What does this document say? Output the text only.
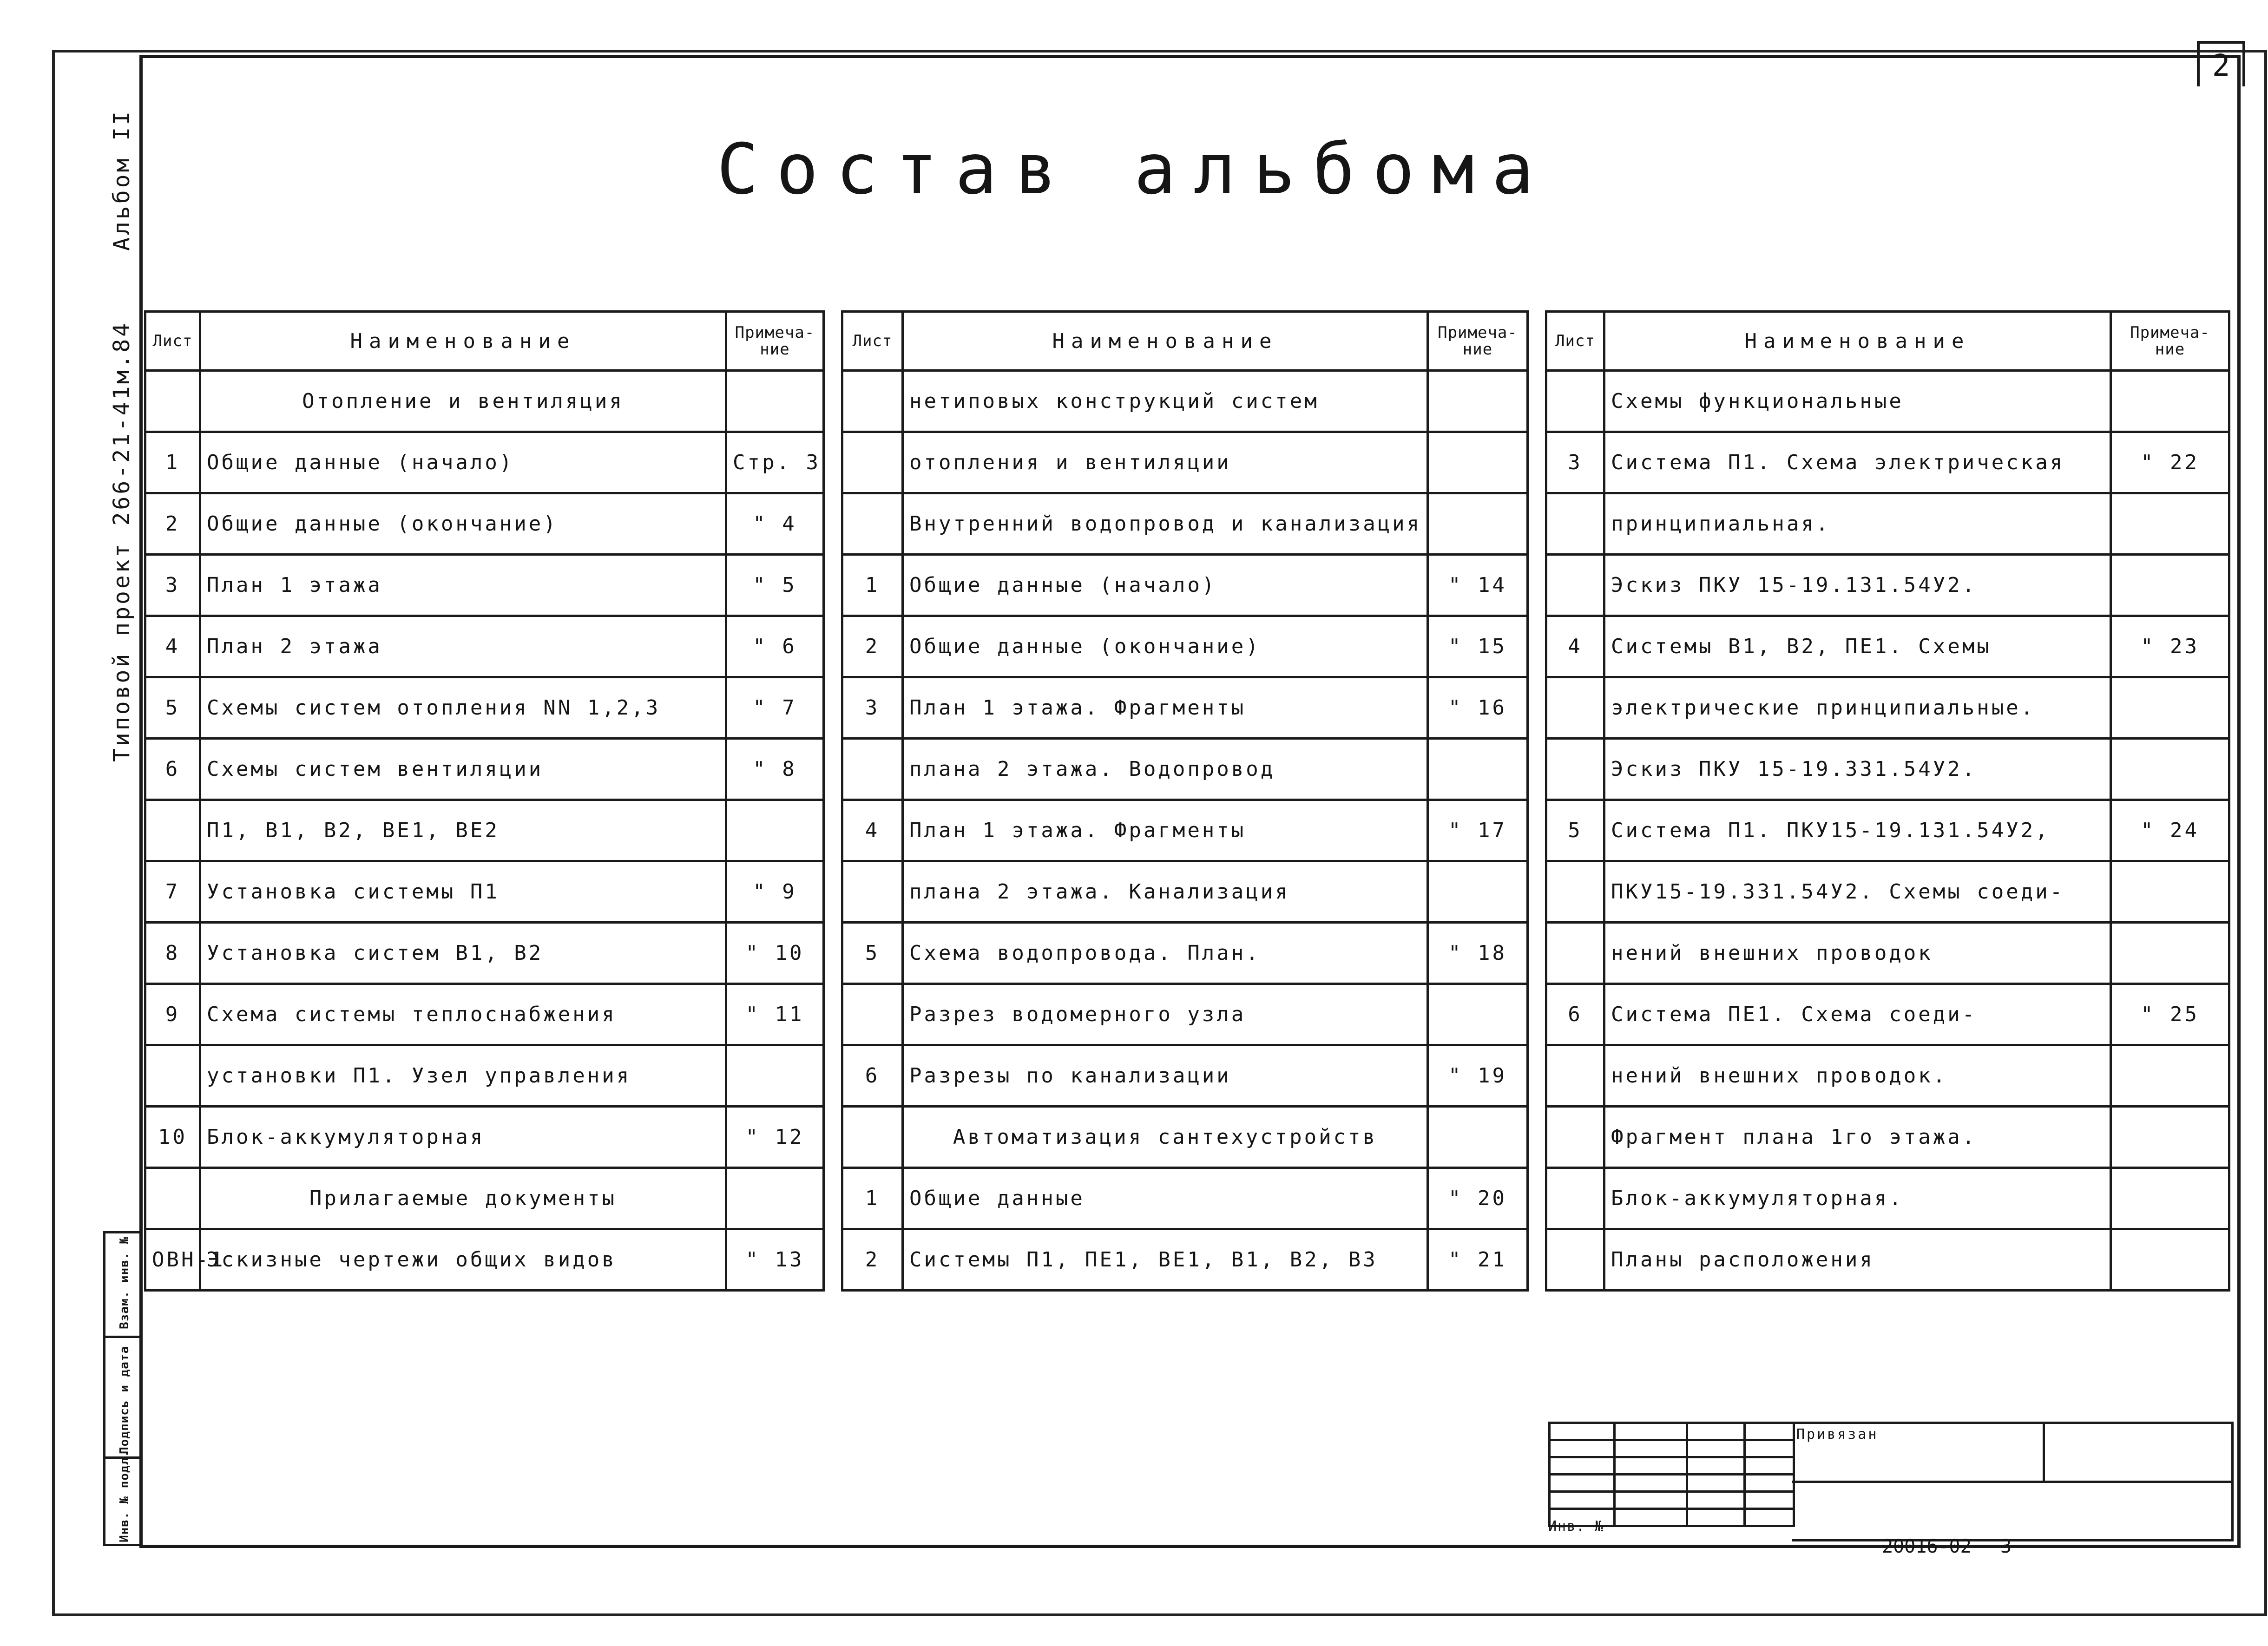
2
Состав альбома
Альбом II
Типовой проект 266-21-41м.84 Лист	Наименование	Примеча-ние
	Отопление и вентиляция	
1	Общие данные (начало)	Стр. 3
2	Общие данные (окончание)	" 4
3	План 1 этажа	" 5
4	План 2 этажа	" 6
5	Схемы систем отопления NN 1,2,3	" 7
6	Схемы систем вентиляции	" 8
	П1, В1, В2, ВЕ1, ВЕ2	
7	Установка системы П1	" 9
8	Установка систем В1, В2	" 10
9	Схема системы теплоснабжения	" 11
	установки П1. Узел управления	
10	Блок-аккумуляторная	" 12
	Прилагаемые документы	
ОВН-1	Эскизные чертежи общих видов	" 13
Лист	Наименование	Примеча-ние
	нетиповых конструкций систем	
	отопления и вентиляции	
	Внутренний водопровод и канализация	
1	Общие данные (начало)	" 14
2	Общие данные (окончание)	" 15
3	План 1 этажа. Фрагменты	" 16
	плана 2 этажа. Водопровод	
4	План 1 этажа. Фрагменты	" 17
	плана 2 этажа. Канализация	
5	Схема водопровода. План.	" 18
	Разрез водомерного узла	
6	Разрезы по канализации	" 19
	Автоматизация сантехустройств	
1	Общие данные	" 20
2	Системы П1, ПЕ1, ВЕ1, В1, В2, В3	" 21
Лист	Наименование	Примеча-ние
	Схемы функциональные	
3	Система П1. Схема электрическая	" 22
	принципиальная.	
	Эскиз ПКУ 15-19.131.54У2.	
4	Системы В1, В2, ПЕ1. Схемы	" 23
	электрические принципиальные.	
	Эскиз ПКУ 15-19.331.54У2.	
5	Система П1. ПКУ15-19.131.54У2,	" 24
	ПКУ15-19.331.54У2. Схемы соеди-	
	нений внешних проводок	
6	Система ПЕ1. Схема соеди-	" 25
	нений внешних проводок.	
	Фрагмент плана 1го этажа.	
	Блок-аккумуляторная.	
	Планы расположения	
Взам. инв. №
Подпись и дата
Инв. № подл.

Привязан
Инв. №
20016-02 3
